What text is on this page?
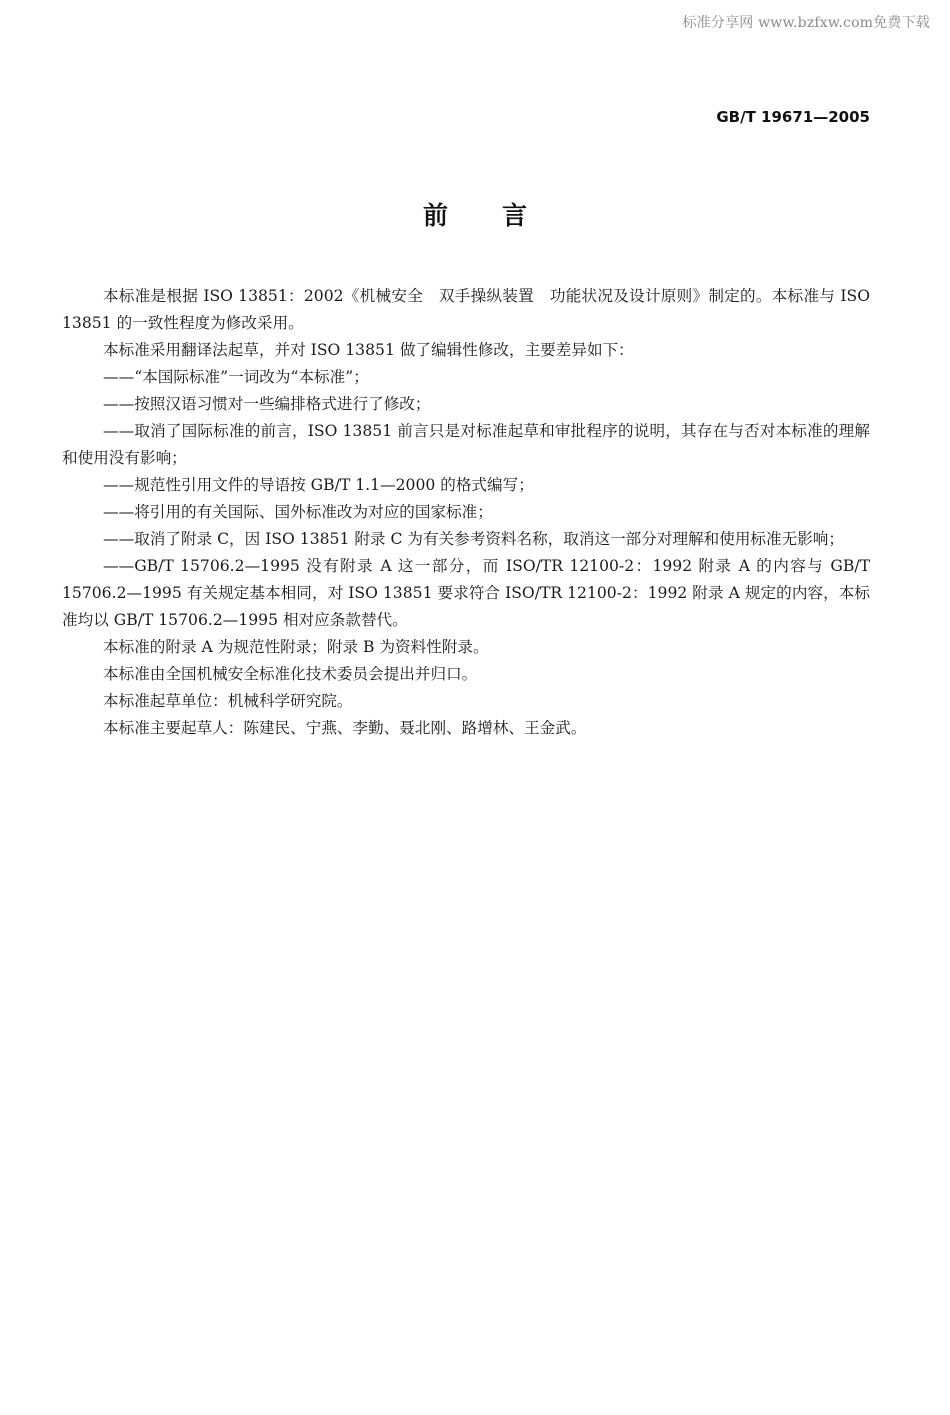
标准分享网 www.bzfxw.com免费下载
GB/T 19671—2005
前言

本标准是根据 ISO 13851：2002《机械安全　双手操纵装置　功能状况及设计原则》制定的。本标准与 ISO 13851 的一致性程度为修改采用。

本标准采用翻译法起草，并对 ISO 13851 做了编辑性修改，主要差异如下：

——“本国际标准”一词改为“本标准”；

——按照汉语习惯对一些编排格式进行了修改；

——取消了国际标准的前言，ISO 13851 前言只是对标准起草和审批程序的说明，其存在与否对本标准的理解和使用没有影响；

——规范性引用文件的导语按 GB/T 1.1—2000 的格式编写；

——将引用的有关国际、国外标准改为对应的国家标准；

——取消了附录 C，因 ISO 13851 附录 C 为有关参考资料名称，取消这一部分对理解和使用标准无影响；

——GB/T 15706.2—1995 没有附录 A 这一部分，而 ISO/TR 12100-2：1992 附录 A 的内容与 GB/T 15706.2—1995 有关规定基本相同，对 ISO 13851 要求符合 ISO/TR 12100-2：1992 附录 A 规定的内容，本标准均以 GB/T 15706.2—1995 相对应条款替代。

本标准的附录 A 为规范性附录；附录 B 为资料性附录。

本标准由全国机械安全标准化技术委员会提出并归口。

本标准起草单位：机械科学研究院。

本标准主要起草人：陈建民、宁燕、李勤、聂北刚、路增林、王金武。
